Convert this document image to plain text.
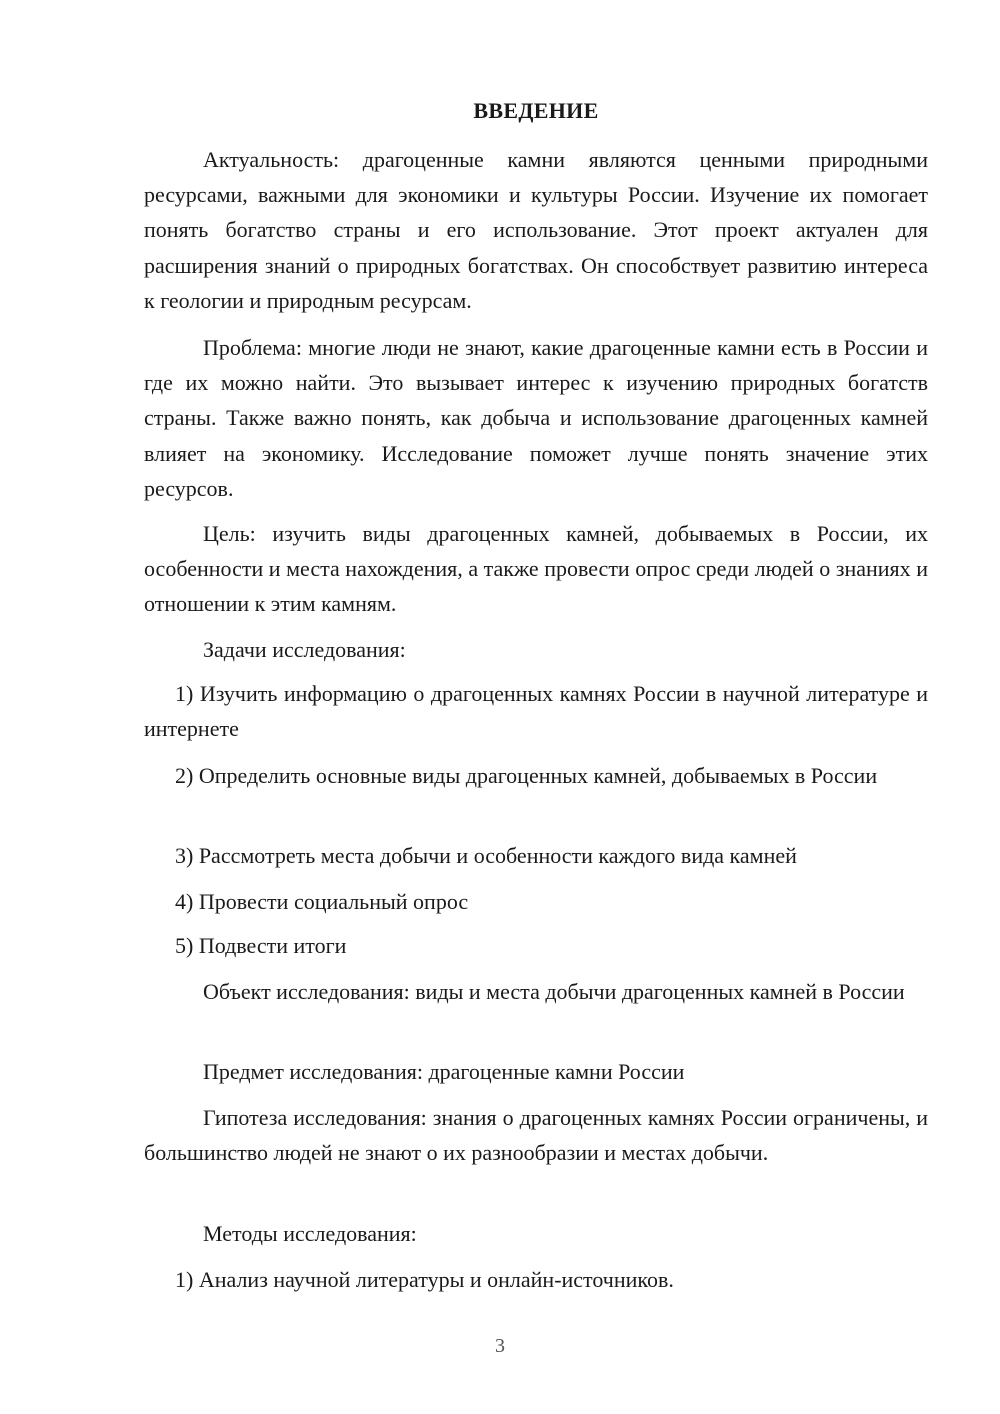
ВВЕДЕНИЕ

Актуальность: драгоценные камни являются ценными природными ресурсами, важными для экономики и культуры России. Изучение их помогает понять богатство страны и его использование. Этот проект актуален для расширения знаний о природных богатствах. Он способствует развитию интереса к геологии и природным ресурсам.

Проблема: многие люди не знают, какие драгоценные камни есть в России и где их можно найти. Это вызывает интерес к изучению природных богатств страны. Также важно понять, как добыча и использование драгоценных камней влияет на экономику. Исследование поможет лучше понять значение этих ресурсов.

Цель: изучить виды драгоценных камней, добываемых в России, их особенности и места нахождения, а также провести опрос среди людей о знаниях и отношении к этим камням.

Задачи исследования:

1) Изучить информацию о драгоценных камнях России в научной литературе и интернете

2) Определить основные виды драгоценных камней, добываемых в России

3) Рассмотреть места добычи и особенности каждого вида камней

4) Провести социальный опрос

5) Подвести итоги

Объект исследования: виды и места добычи драгоценных камней в России

Предмет исследования: драгоценные камни России

Гипотеза исследования: знания о драгоценных камнях России ограничены, и большинство людей не знают о их разнообразии и местах добычи.

Методы исследования:

1) Анализ научной литературы и онлайн-источников.

3
